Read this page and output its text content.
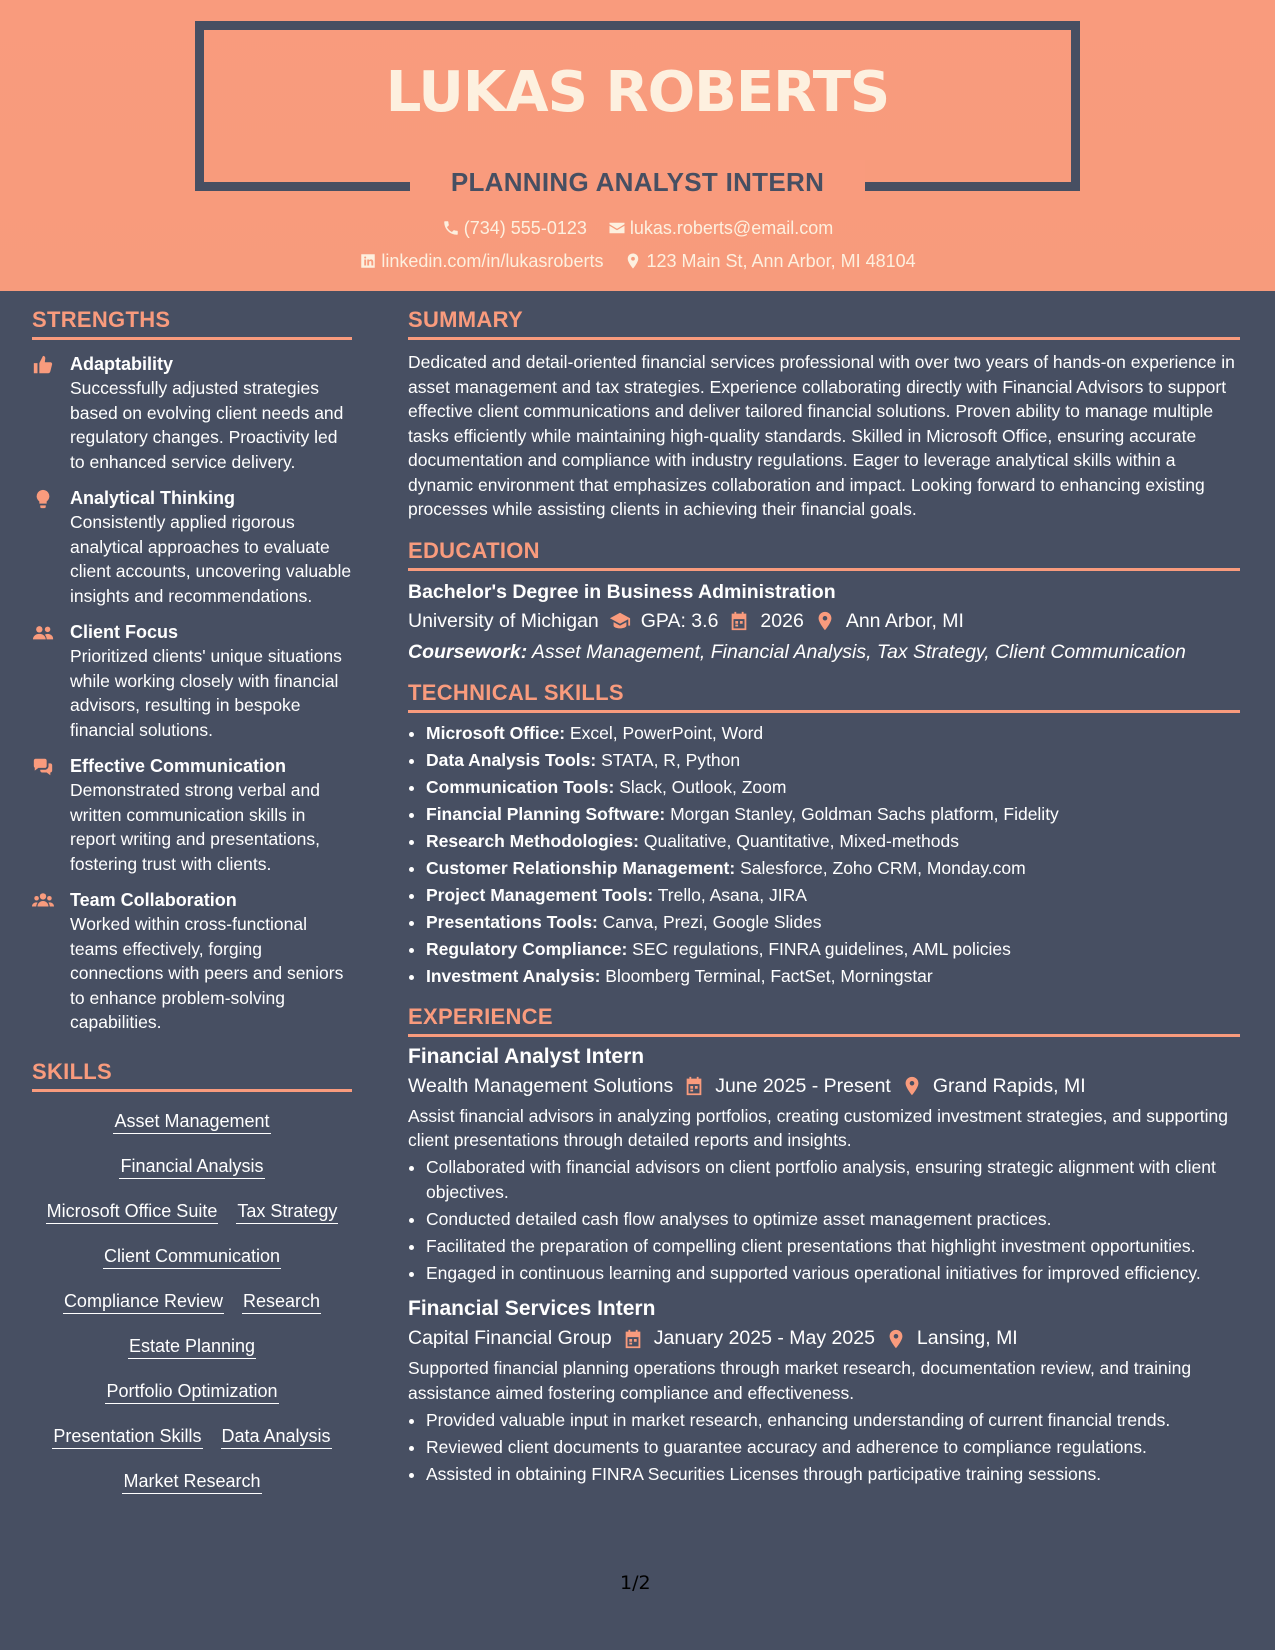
LUKAS ROBERTS
PLANNING ANALYST INTERN
(734) 555-0123 lukas.roberts@email.com
linkedin.com/in/lukasroberts 123 Main St, Ann Arbor, MI 48104
STRENGTHS
Adaptability
Successfully adjusted strategies based on evolving client needs and regulatory changes. Proactivity led to enhanced service delivery.
Analytical Thinking
Consistently applied rigorous analytical approaches to evaluate client accounts, uncovering valuable insights and recommendations.
Client Focus
Prioritized clients' unique situations while working closely with financial advisors, resulting in bespoke financial solutions.
Effective Communication
Demonstrated strong verbal and written communication skills in report writing and presentations, fostering trust with clients.
Team Collaboration
Worked within cross-functional teams effectively, forging connections with peers and seniors to enhance problem-solving capabilities.
SKILLS
Asset Management
Financial Analysis
Microsoft Office Suite Tax Strategy
Client Communication
Compliance Review Research
Estate Planning
Portfolio Optimization
Presentation Skills Data Analysis
Market Research
SUMMARY
Dedicated and detail-oriented financial services professional with over two years of hands-on experience in asset management and tax strategies. Experience collaborating directly with Financial Advisors to support effective client communications and deliver tailored financial solutions. Proven ability to manage multiple tasks efficiently while maintaining high-quality standards. Skilled in Microsoft Office, ensuring accurate documentation and compliance with industry regulations. Eager to leverage analytical skills within a dynamic environment that emphasizes collaboration and impact. Looking forward to enhancing existing processes while assisting clients in achieving their financial goals.
EDUCATION
Bachelor's Degree in Business Administration
University of Michigan GPA: 3.6 2026 Ann Arbor, MI
Coursework: Asset Management, Financial Analysis, Tax Strategy, Client Communication
TECHNICAL SKILLS
• Microsoft Office: Excel, PowerPoint, Word
• Data Analysis Tools: STATA, R, Python
• Communication Tools: Slack, Outlook, Zoom
• Financial Planning Software: Morgan Stanley, Goldman Sachs platform, Fidelity
• Research Methodologies: Qualitative, Quantitative, Mixed-methods
• Customer Relationship Management: Salesforce, Zoho CRM, Monday.com
• Project Management Tools: Trello, Asana, JIRA
• Presentations Tools: Canva, Prezi, Google Slides
• Regulatory Compliance: SEC regulations, FINRA guidelines, AML policies
• Investment Analysis: Bloomberg Terminal, FactSet, Morningstar
EXPERIENCE
Financial Analyst Intern
Wealth Management Solutions June 2025 - Present Grand Rapids, MI
Assist financial advisors in analyzing portfolios, creating customized investment strategies, and supporting client presentations through detailed reports and insights.
• Collaborated with financial advisors on client portfolio analysis, ensuring strategic alignment with client objectives.
• Conducted detailed cash flow analyses to optimize asset management practices.
• Facilitated the preparation of compelling client presentations that highlight investment opportunities.
• Engaged in continuous learning and supported various operational initiatives for improved efficiency.
Financial Services Intern
Capital Financial Group January 2025 - May 2025 Lansing, MI
Supported financial planning operations through market research, documentation review, and training assistance aimed fostering compliance and effectiveness.
• Provided valuable input in market research, enhancing understanding of current financial trends.
• Reviewed client documents to guarantee accuracy and adherence to compliance regulations.
• Assisted in obtaining FINRA Securities Licenses through participative training sessions.
1/2
